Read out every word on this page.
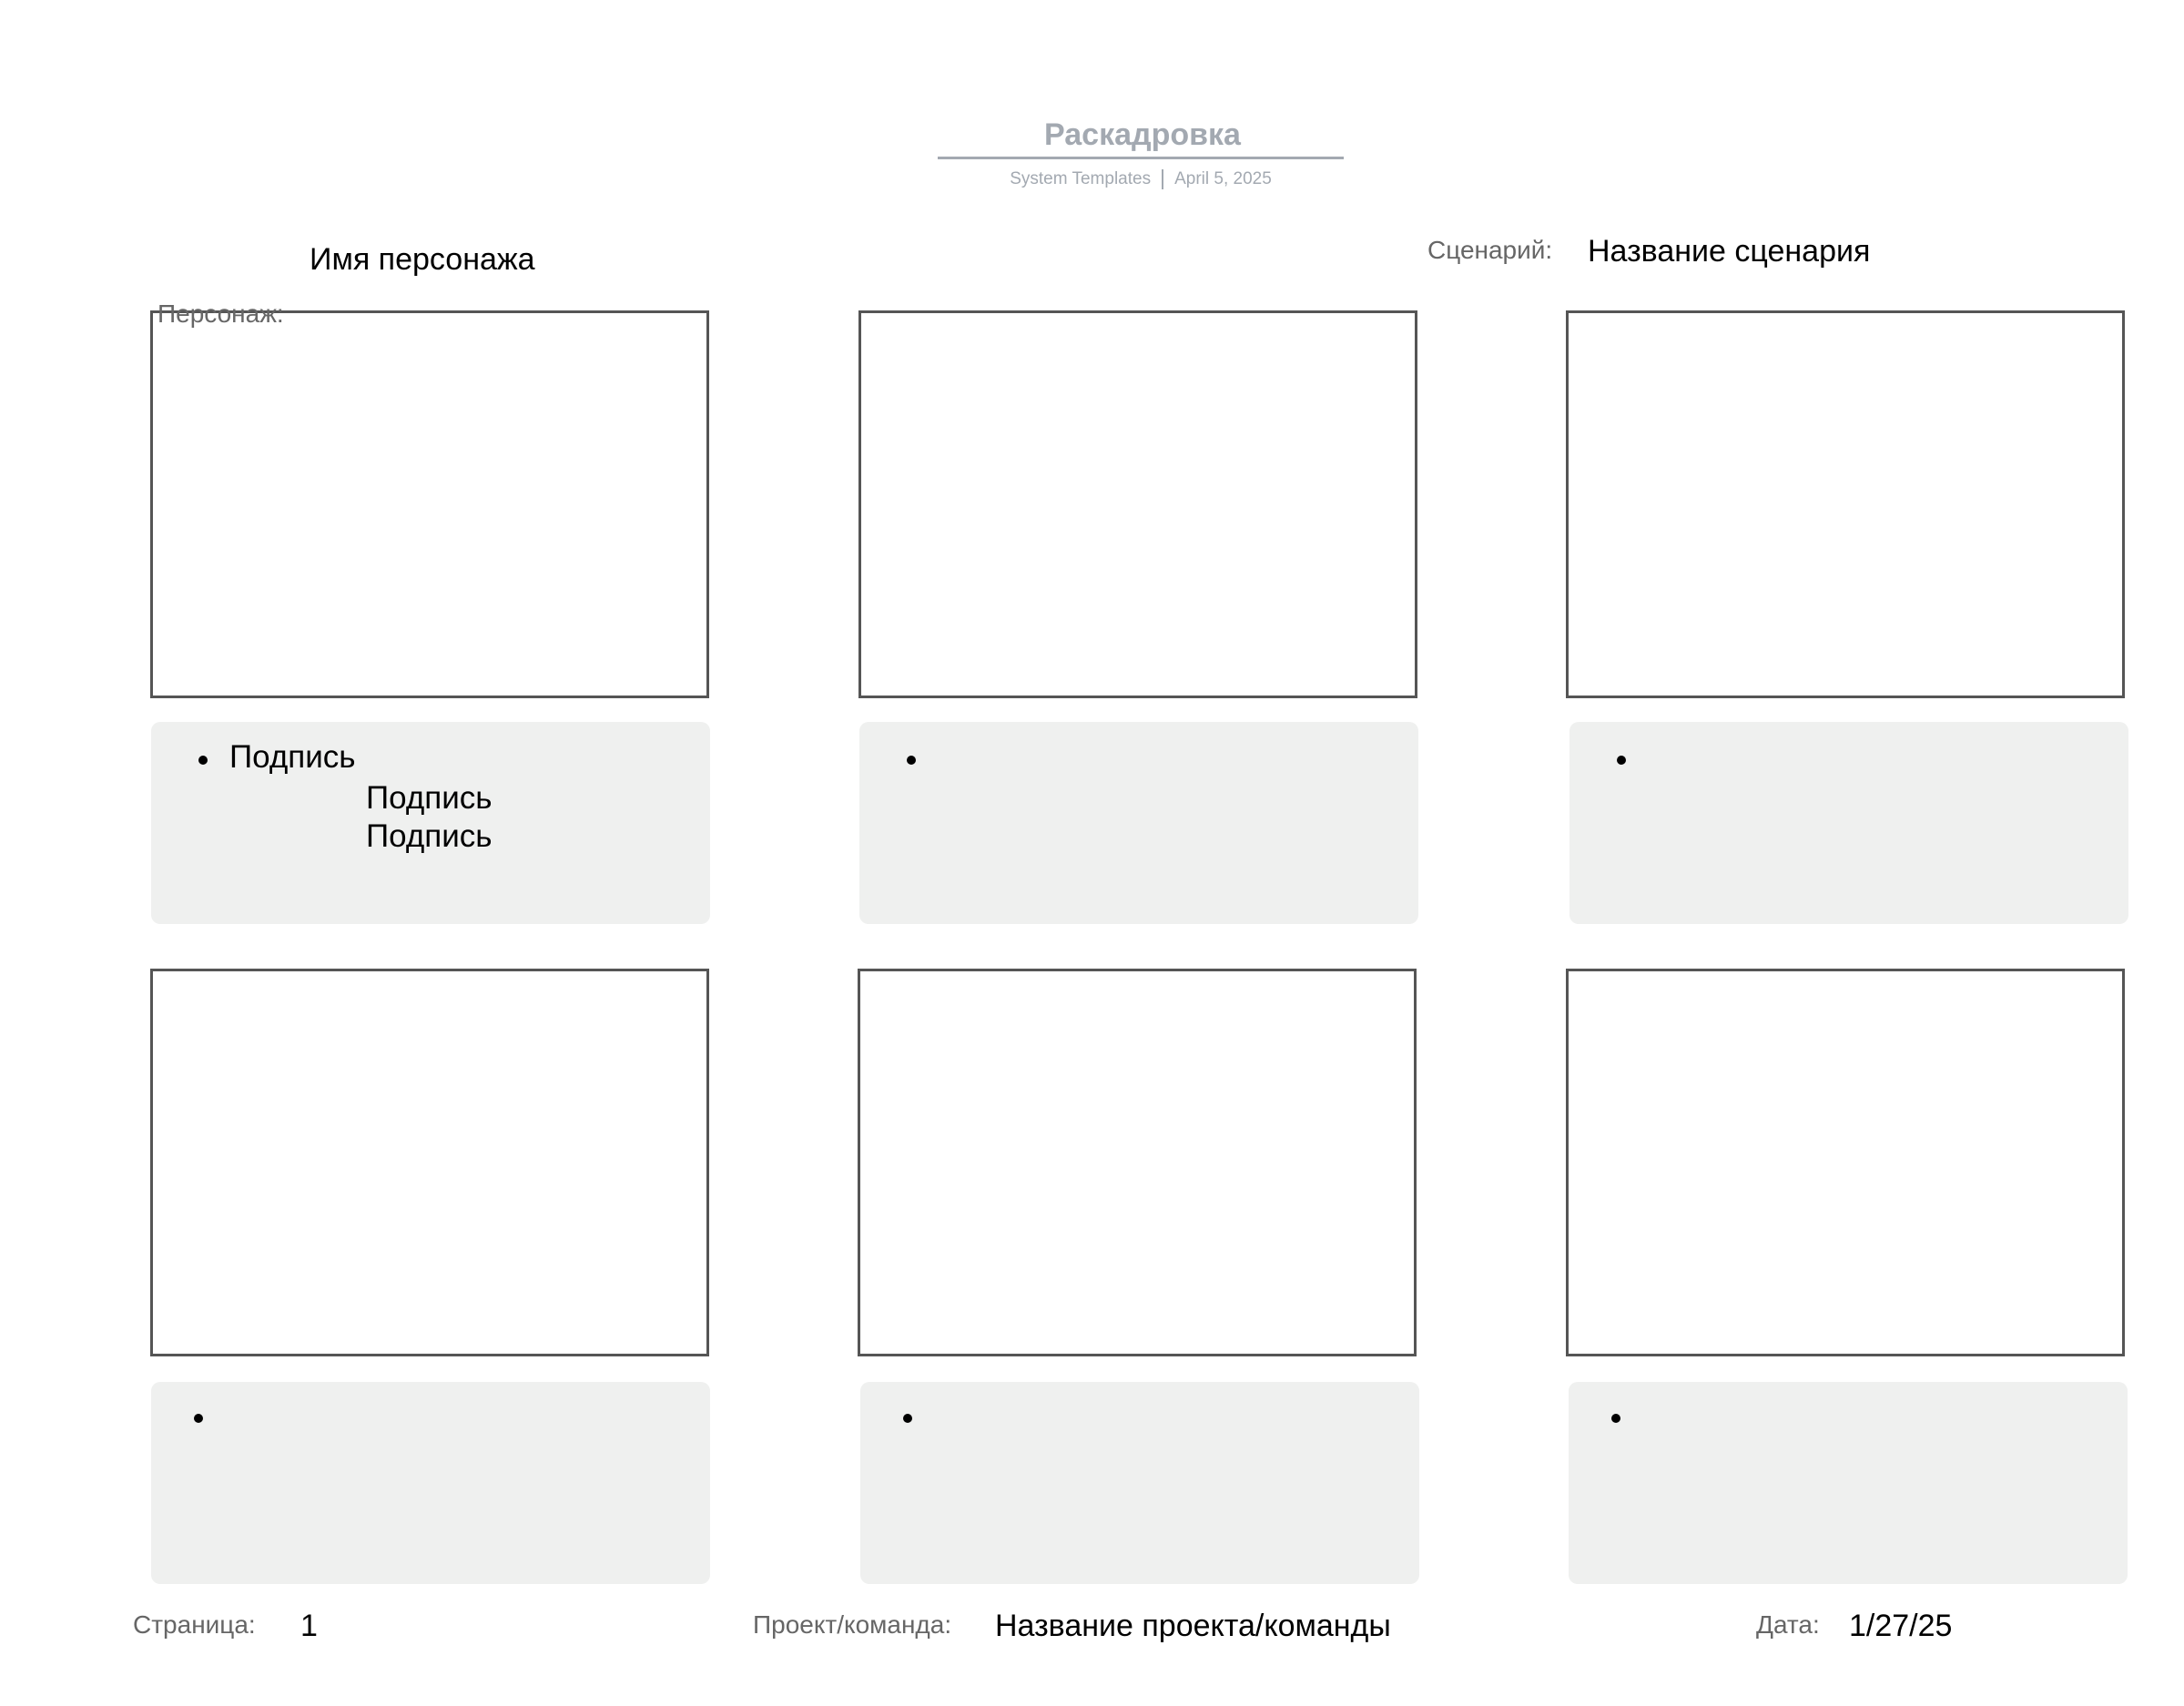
Раскадровка
System Templates April 5, 2025
Имя персонажа	Сценарий: Название сценария
Персонаж:
Подпись
Подпись
Подпись
Страница: 1	Проект/команда: Название проекта/команды	Дата: 1/27/25
